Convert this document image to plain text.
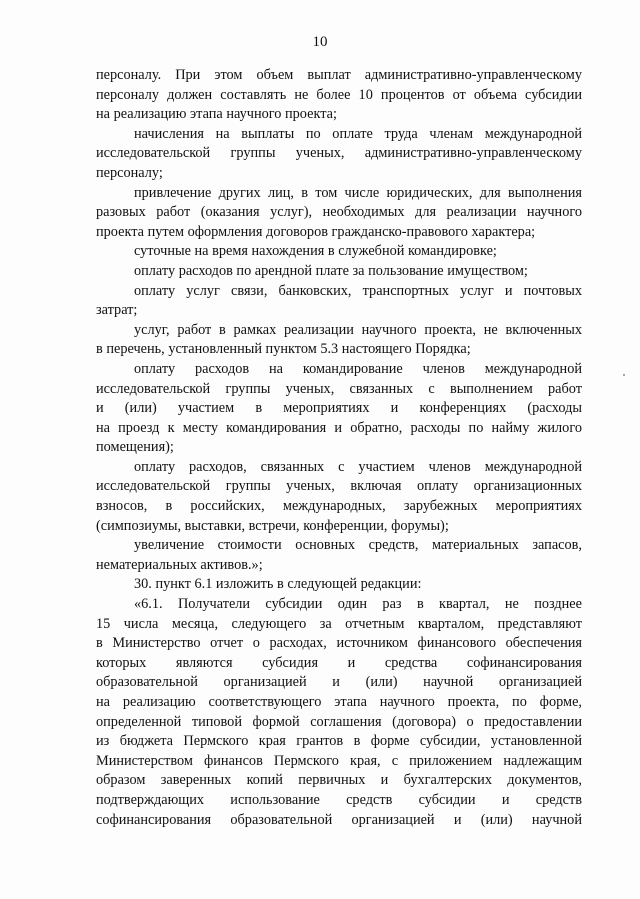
10
персоналу. При этом объем выплат административно-управленческому
персоналу должен составлять не более 10 процентов от объема субсидии
на реализацию этапа научного проекта;
начисления на выплаты по оплате труда членам международной
исследовательской группы ученых, административно-управленческому
персоналу;
привлечение других лиц, в том числе юридических, для выполнения
разовых работ (оказания услуг), необходимых для реализации научного
проекта путем оформления договоров гражданско-правового характера;
суточные на время нахождения в служебной командировке;
оплату расходов по арендной плате за пользование имуществом;
оплату услуг связи, банковских, транспортных услуг и почтовых
затрат;
услуг, работ в рамках реализации научного проекта, не включенных
в перечень, установленный пунктом 5.3 настоящего Порядка;
оплату расходов на командирование членов международной
исследовательской группы ученых, связанных с выполнением работ
и (или) участием в мероприятиях и конференциях (расходы
на проезд к месту командирования и обратно, расходы по найму жилого
помещения);
оплату расходов, связанных с участием членов международной
исследовательской группы ученых, включая оплату организационных
взносов, в российских, международных, зарубежных мероприятиях
(симпозиумы, выставки, встречи, конференции, форумы);
увеличение стоимости основных средств, материальных запасов,
нематериальных активов.»;
30. пункт 6.1 изложить в следующей редакции:
«6.1. Получатели субсидии один раз в квартал, не позднее
15 числа месяца, следующего за отчетным кварталом, представляют
в Министерство отчет о расходах, источником финансового обеспечения
которых являются субсидия и средства софинансирования
образовательной организацией и (или) научной организацией
на реализацию соответствующего этапа научного проекта, по форме,
определенной типовой формой соглашения (договора) о предоставлении
из бюджета Пермского края грантов в форме субсидии, установленной
Министерством финансов Пермского края, с приложением надлежащим
образом заверенных копий первичных и бухгалтерских документов,
подтверждающих использование средств субсидии и средств
софинансирования образовательной организацией и (или) научной
